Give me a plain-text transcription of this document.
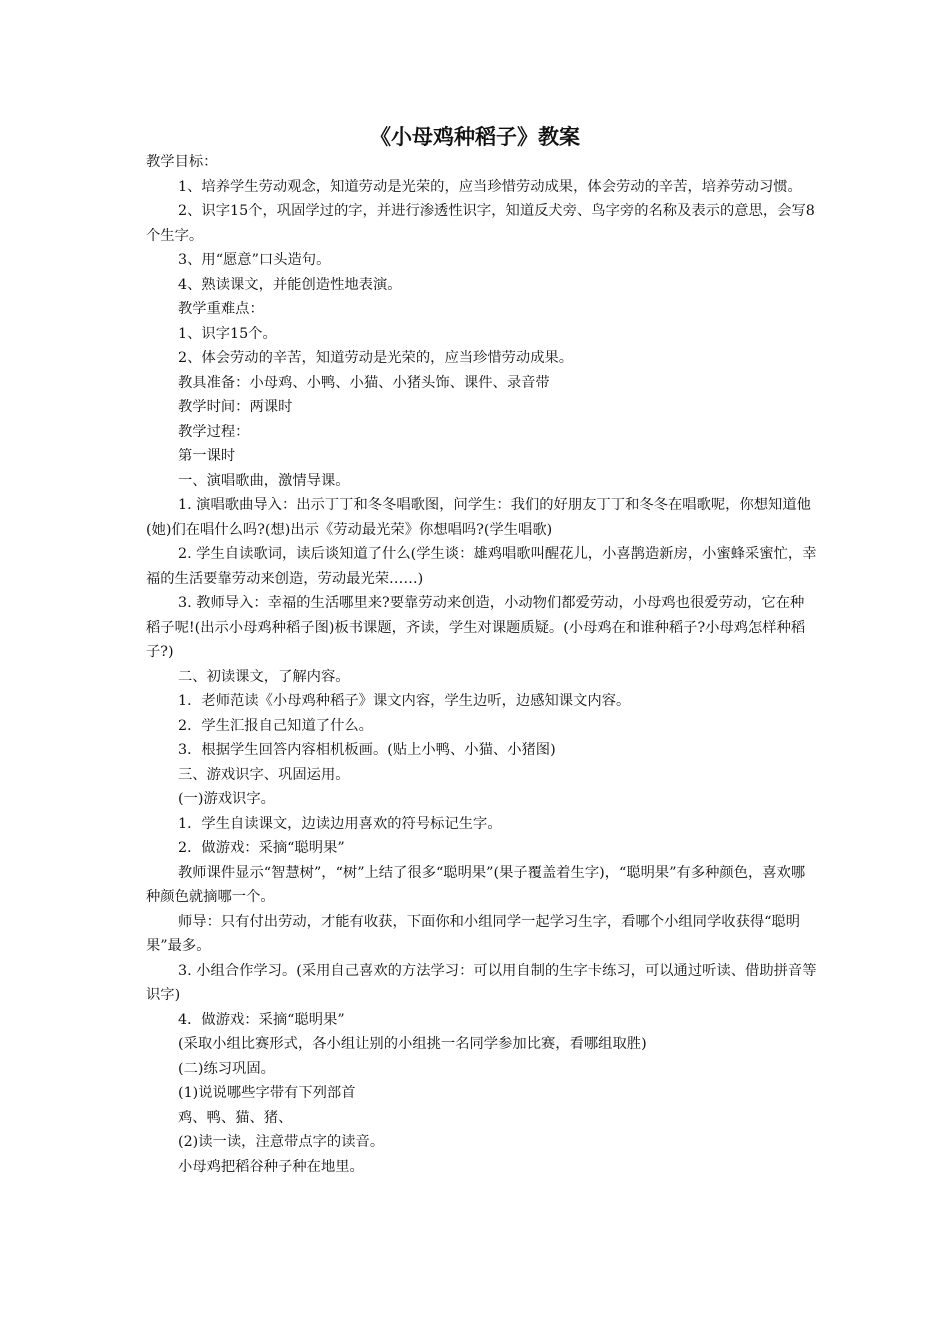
《小母鸡种稻子》教案

教学目标：

1、培养学生劳动观念，知道劳动是光荣的，应当珍惜劳动成果，体会劳动的辛苦，培养劳动习惯。

2、识字15个，巩固学过的字，并进行渗透性识字，知道反犬旁、鸟字旁的名称及表示的意思，会写8个生字。

3、用“愿意”口头造句。

4、熟读课文，并能创造性地表演。

教学重难点：

1、识字15个。

2、体会劳动的辛苦，知道劳动是光荣的，应当珍惜劳动成果。

教具准备：小母鸡、小鸭、小猫、小猪头饰、课件、录音带

教学时间：两课时

教学过程：

第一课时

一、演唱歌曲，激情导课。

1. 演唱歌曲导入：出示丁丁和冬冬唱歌图，问学生：我们的好朋友丁丁和冬冬在唱歌呢，你想知道他(她)们在唱什么吗?(想)出示《劳动最光荣》你想唱吗?(学生唱歌)

2. 学生自读歌词，读后谈知道了什么(学生谈：雄鸡唱歌叫醒花儿，小喜鹊造新房，小蜜蜂采蜜忙，幸福的生活要靠劳动来创造，劳动最光荣……)

3. 教师导入：幸福的生活哪里来?要靠劳动来创造，小动物们都爱劳动，小母鸡也很爱劳动，它在种稻子呢!(出示小母鸡种稻子图)板书课题，齐读，学生对课题质疑。(小母鸡在和谁种稻子?小母鸡怎样种稻子?)

二、初读课文，了解内容。

1．老师范读《小母鸡种稻子》课文内容，学生边听，边感知课文内容。

2．学生汇报自己知道了什么。

3．根据学生回答内容相机板画。(贴上小鸭、小猫、小猪图)

三、游戏识字、巩固运用。

(一)游戏识字。

1．学生自读课文，边读边用喜欢的符号标记生字。

2．做游戏：采摘“聪明果”

教师课件显示“智慧树”，“树”上结了很多“聪明果”(果子覆盖着生字)，“聪明果”有多种颜色，喜欢哪种颜色就摘哪一个。

师导：只有付出劳动，才能有收获，下面你和小组同学一起学习生字，看哪个小组同学收获得“聪明果”最多。

3. 小组合作学习。(采用自己喜欢的方法学习：可以用自制的生字卡练习，可以通过听读、借助拼音等识字)

4．做游戏：采摘“聪明果”

(采取小组比赛形式，各小组让别的小组挑一名同学参加比赛，看哪组取胜)

(二)练习巩固。

(1)说说哪些字带有下列部首

鸡、鸭、猫、猪、

(2)读一读，注意带点字的读音。

小母鸡把稻谷种子种在地里。
